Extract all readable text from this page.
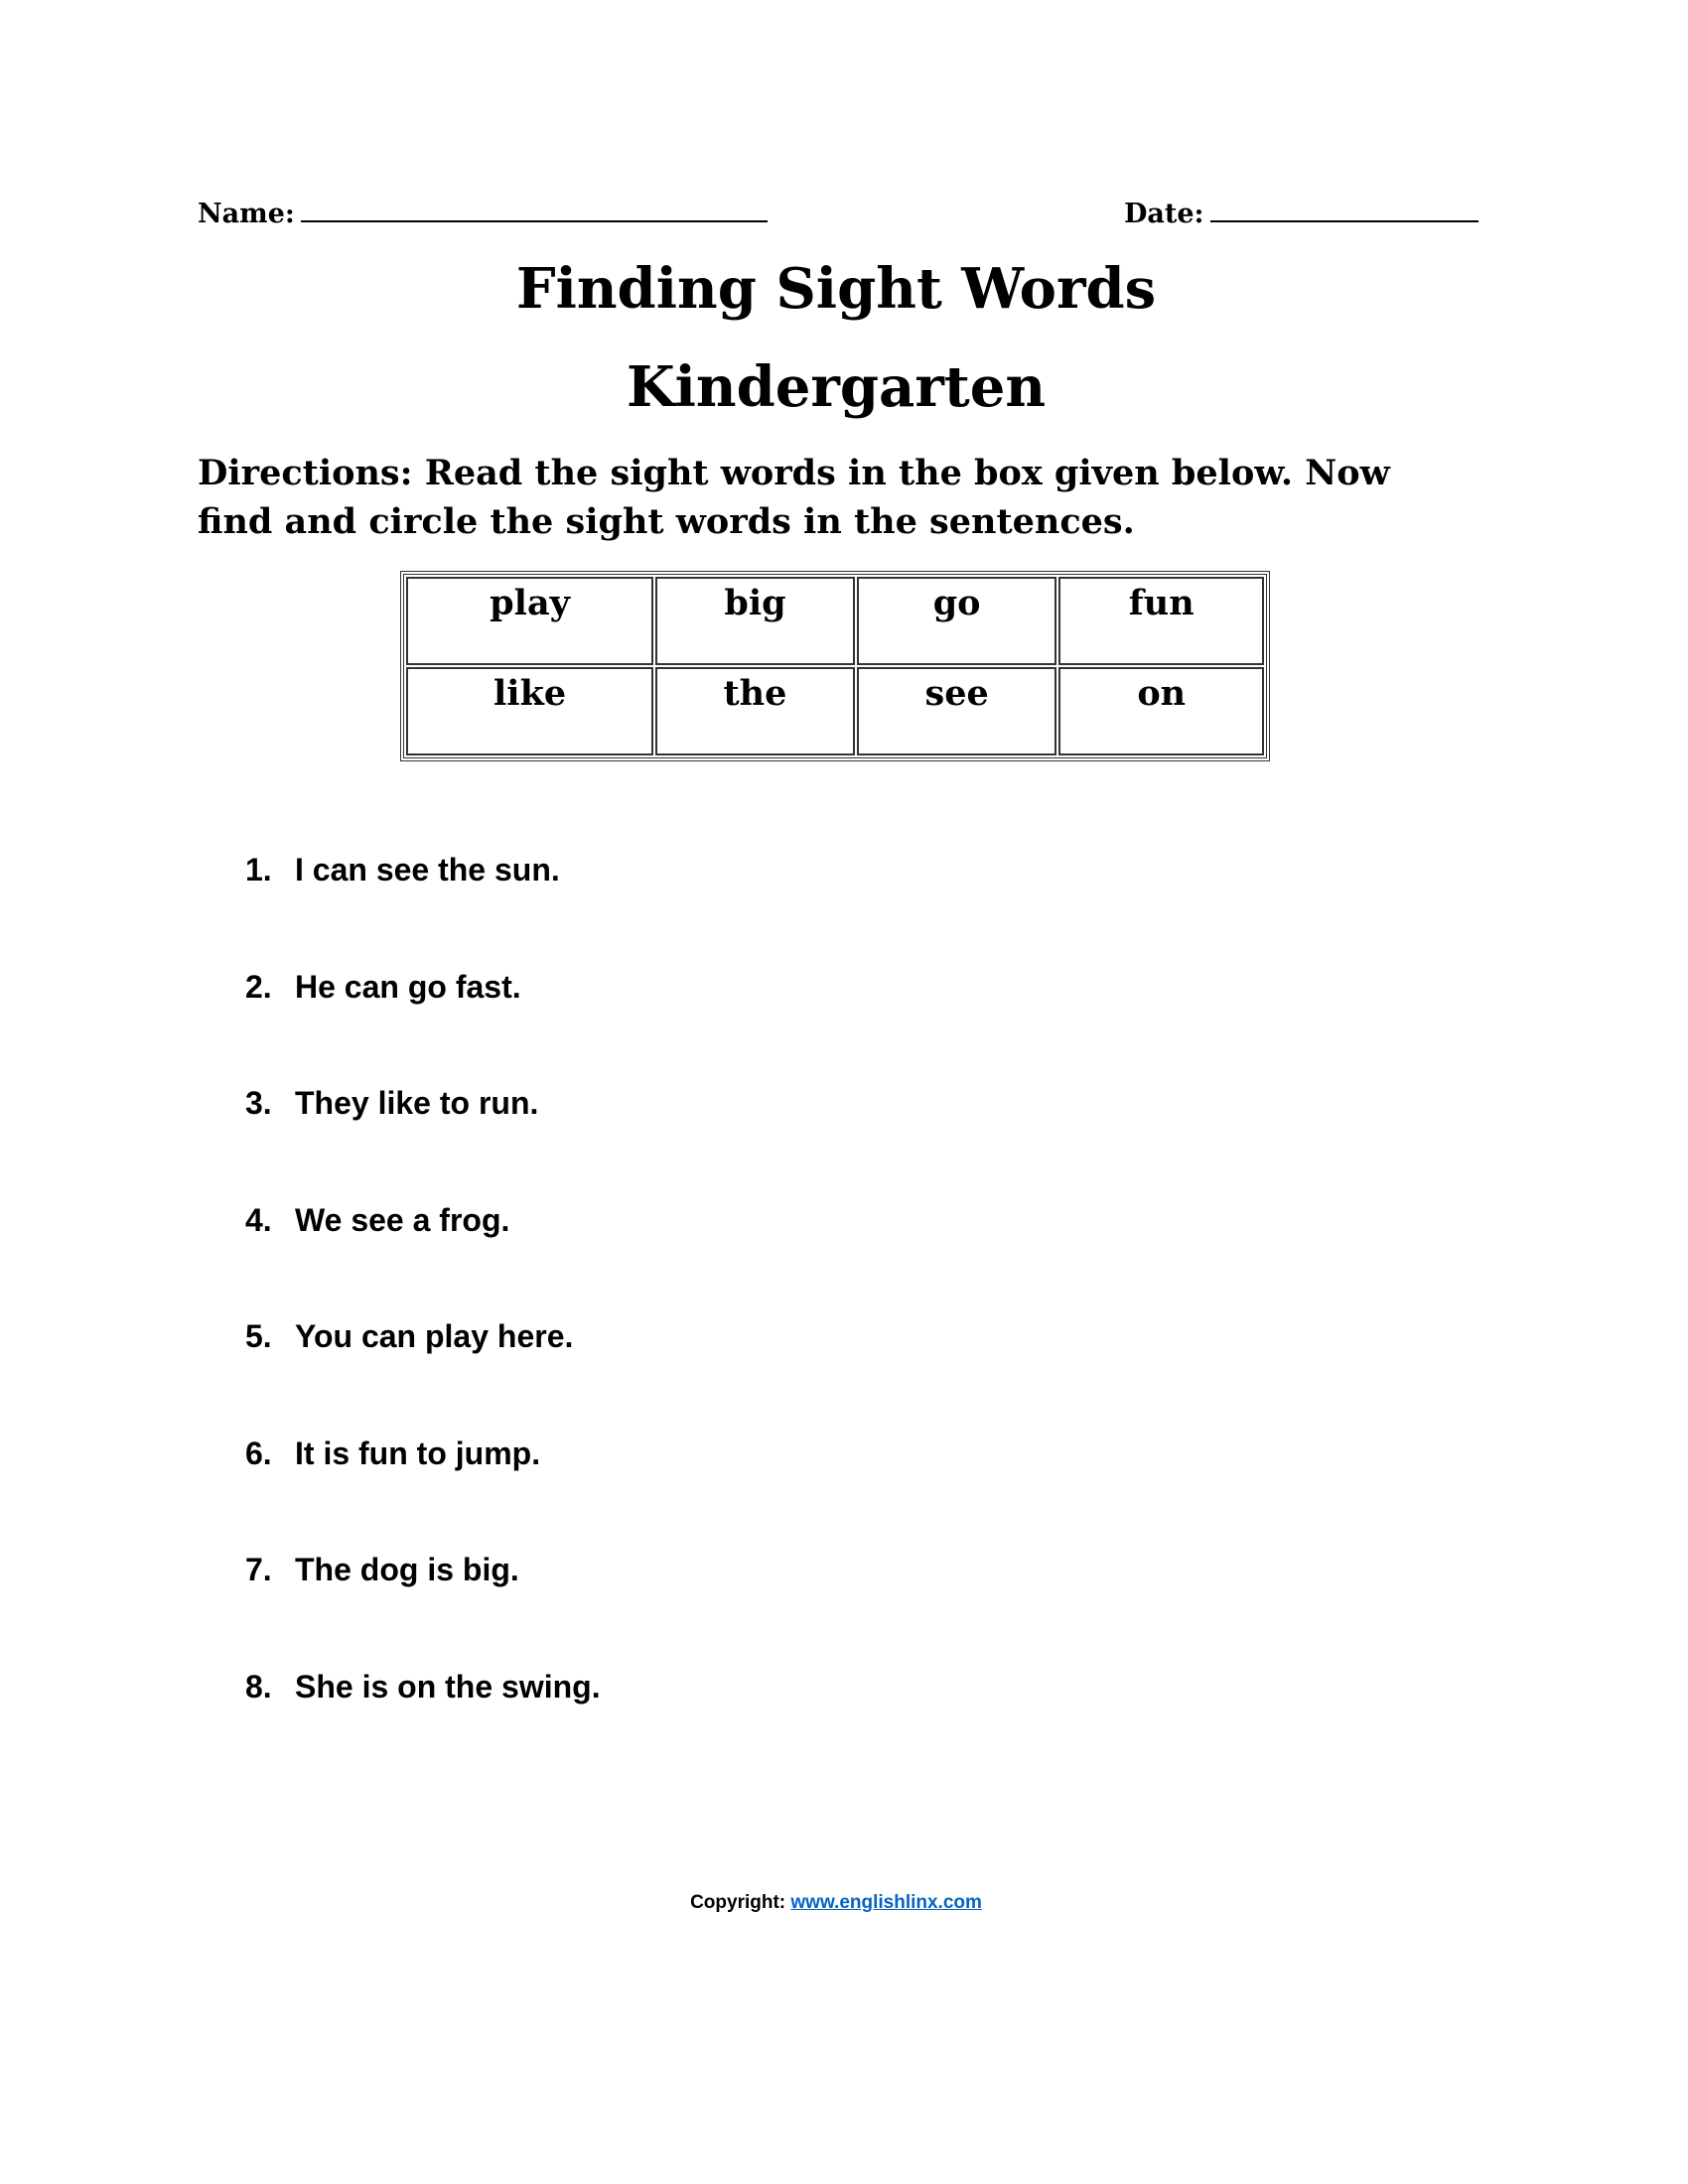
Name:	Date:
Finding Sight Words
Kindergarten
Directions: Read the sight words in the box given below. Now find and circle the sight words in the sentences.
play	big	go	fun
like	the	see	on
1. I can see the sun.
2. He can go fast.
3. They like to run.
4. We see a frog.
5. You can play here.
6. It is fun to jump.
7. The dog is big.
8. She is on the swing.
Copyright: www.englishlinx.com
